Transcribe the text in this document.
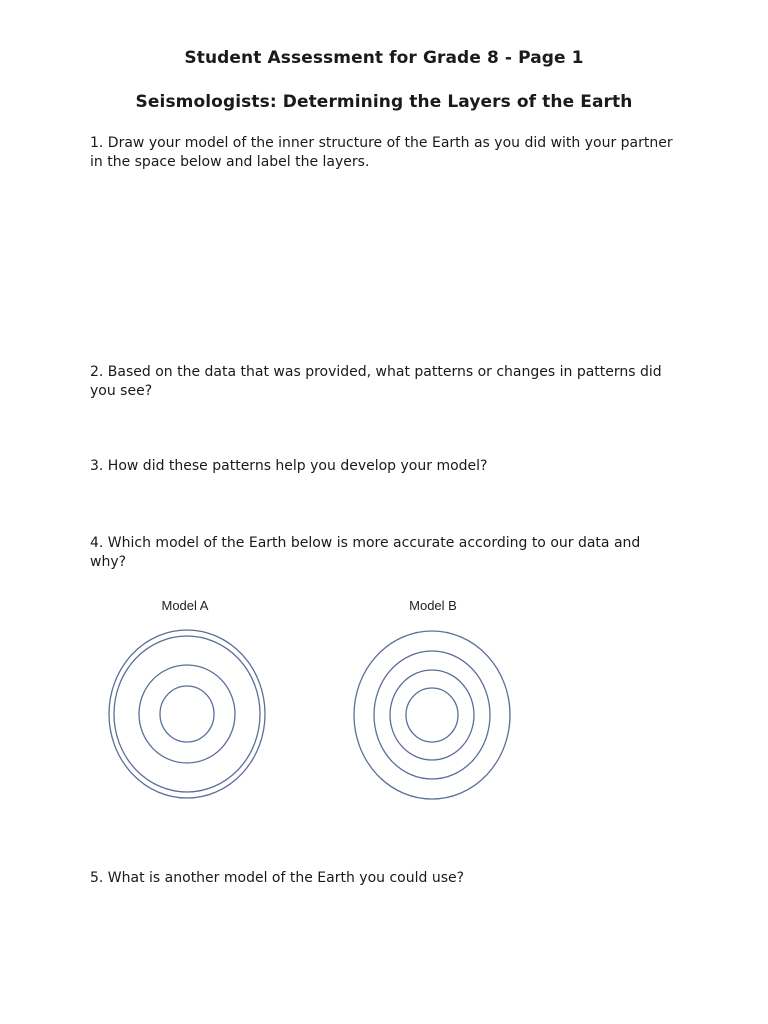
Student Assessment for Grade 8 - Page 1
Seismologists: Determining the Layers of the Earth
1. Draw your model of the inner structure of the Earth as you did with your partner in the space below and label the layers.
2. Based on the data that was provided, what patterns or changes in patterns did you see?
3. How did these patterns help you develop your model?
4. Which model of the Earth below is more accurate according to our data and why?
Model A	Model B
5. What is another model of the Earth you could use?
